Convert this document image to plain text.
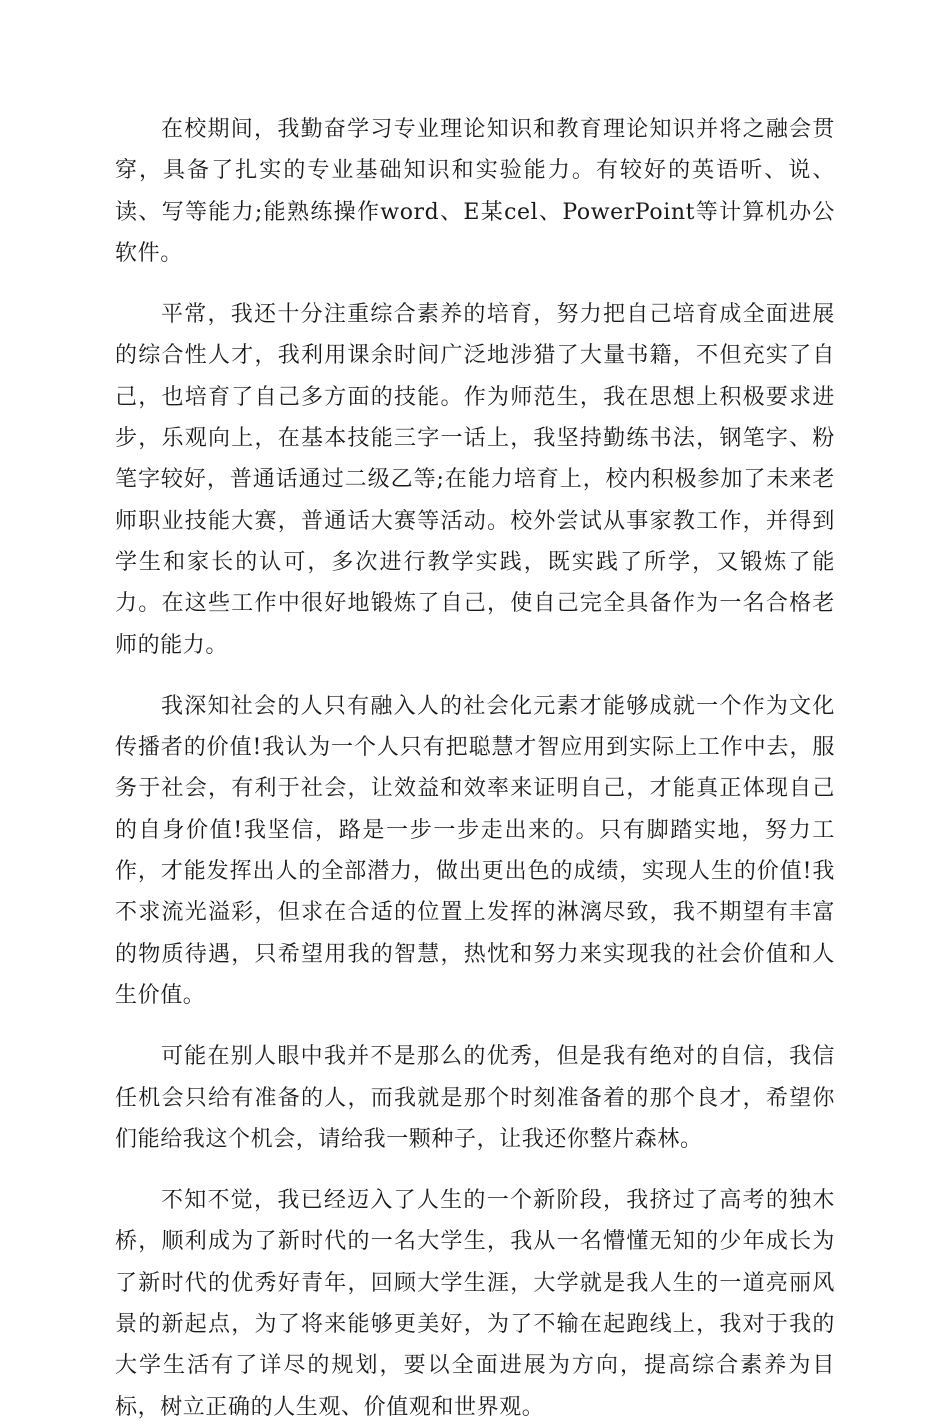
在校期间，我勤奋学习专业理论知识和教育理论知识并将之融会贯穿，具备了扎实的专业基础知识和实验能力。有较好的英语听、说、读、写等能力;能熟练操作word、E某cel、PowerPoint等计算机办公软件。

平常，我还十分注重综合素养的培育，努力把自己培育成全面进展的综合性人才，我利用课余时间广泛地涉猎了大量书籍，不但充实了自己，也培育了自己多方面的技能。作为师范生，我在思想上积极要求进步，乐观向上，在基本技能三字一话上，我坚持勤练书法，钢笔字、粉笔字较好，普通话通过二级乙等;在能力培育上，校内积极参加了未来老师职业技能大赛，普通话大赛等活动。校外尝试从事家教工作，并得到学生和家长的认可，多次进行教学实践，既实践了所学，又锻炼了能力。在这些工作中很好地锻炼了自己，使自己完全具备作为一名合格老师的能力。

我深知社会的人只有融入人的社会化元素才能够成就一个作为文化传播者的价值!我认为一个人只有把聪慧才智应用到实际上工作中去，服务于社会，有利于社会，让效益和效率来证明自己，才能真正体现自己的自身价值!我坚信，路是一步一步走出来的。只有脚踏实地，努力工作，才能发挥出人的全部潜力，做出更出色的成绩，实现人生的价值!我不求流光溢彩，但求在合适的位置上发挥的淋漓尽致，我不期望有丰富的物质待遇，只希望用我的智慧，热忱和努力来实现我的社会价值和人生价值。

可能在别人眼中我并不是那么的优秀，但是我有绝对的自信，我信任机会只给有准备的人，而我就是那个时刻准备着的那个良才，希望你们能给我这个机会，请给我一颗种子，让我还你整片森林。

不知不觉，我已经迈入了人生的一个新阶段，我挤过了高考的独木桥，顺利成为了新时代的一名大学生，我从一名懵懂无知的少年成长为了新时代的优秀好青年，回顾大学生涯，大学就是我人生的一道亮丽风景的新起点，为了将来能够更美好，为了不输在起跑线上，我对于我的大学生活有了详尽的规划，要以全面进展为方向，提高综合素养为目标，树立正确的人生观、价值观和世界观。
